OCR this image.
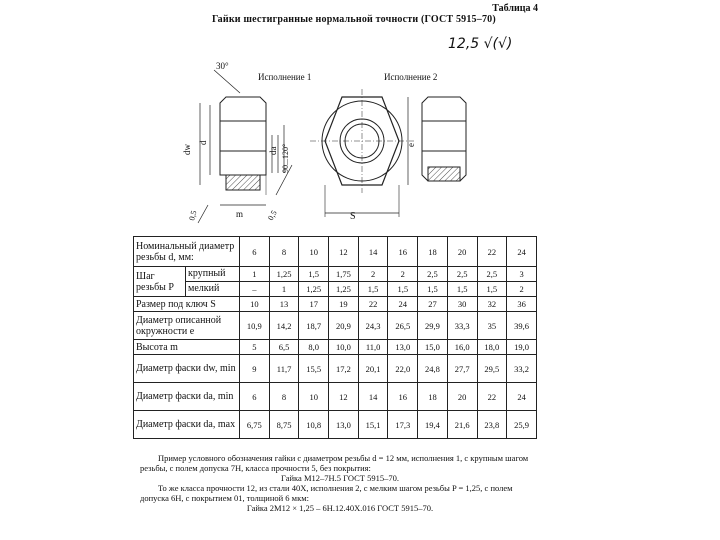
Таблица 4
Гайки шестигранные нормальной точности (ГОСТ 5915–70)
12,5 √(√)
Исполнение 1	Исполнение 2
30°
dw
d
da 90...120°
m
0,5	0,5	S
e
Номинальный диаметр резьбы d, мм:		6	8	10	12	14	16	18	20	22	24
Шаг резьбы P	крупный	1	1,25	1,5	1,75	2	2	2,5	2,5	2,5	3
	мелкий	–	1	1,25	1,25	1,5	1,5	1,5	1,5	1,5	2
Размер под ключ S		10	13	17	19	22	24	27	30	32	36
Диаметр описанной окружности e		10,9	14,2	18,7	20,9	24,3	26,5	29,9	33,3	35	39,6
Высота m		5	6,5	8,0	10,0	11,0	13,0	15,0	16,0	18,0	19,0
Диаметр фаски dw, min		9	11,7	15,5	17,2	20,1	22,0	24,8	27,7	29,5	33,2
Диаметр фаски da, min		6	8	10	12	14	16	18	20	22	24
Диаметр фаски da, max		6,75	8,75	10,8	13,0	15,1	17,3	19,4	21,6	23,8	25,9

Пример условного обозначения гайки с диаметром резьбы d = 12 мм, исполнения 1, с крупным шагом резьбы, с полем допуска 7Н, класса прочности 5, без покрытия:

Гайка М12–7Н.5 ГОСТ 5915–70.

То же класса прочности 12, из стали 40Х, исполнения 2, с мелким шагом резьбы P = 1,25, с полем допуска 6Н, с покрытием 01, толщиной 6 мкм:

Гайка 2М12 × 1,25 – 6Н.12.40Х.016 ГОСТ 5915–70.
